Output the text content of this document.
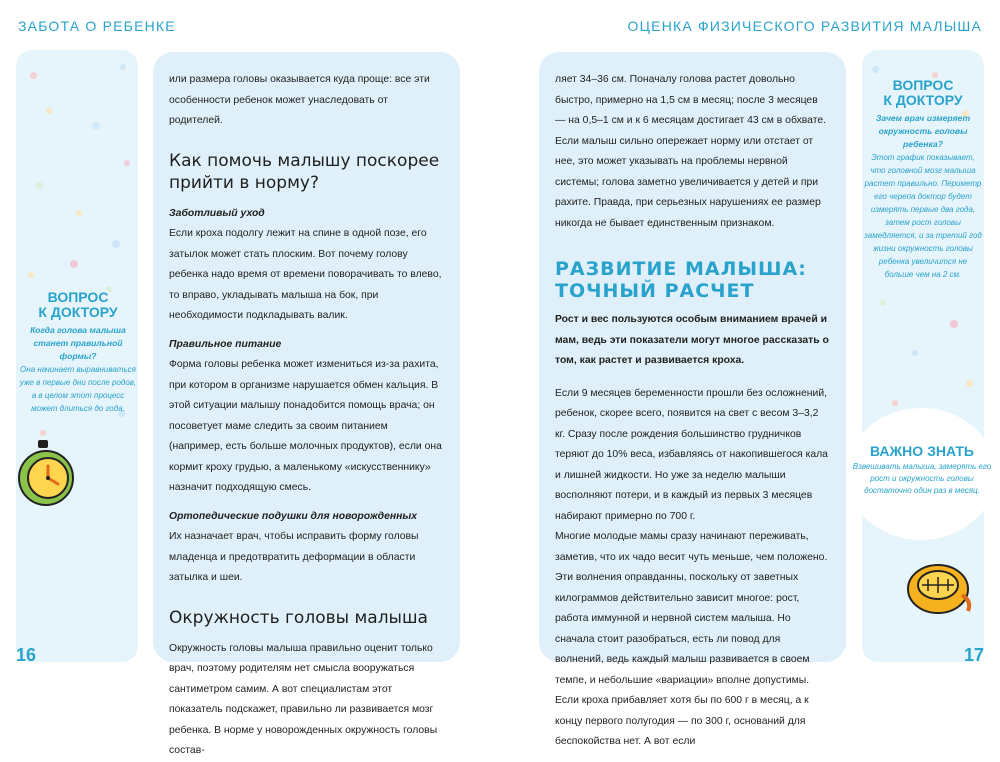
ЗАБОТА О РЕБЕНКЕ	ОЦЕНКА ФИЗИЧЕСКОГО РАЗВИТИЯ МАЛЫША
ВОПРОС
К ДОКТОРУ
Когда голова малыша станет правильной формы?
Она начинает выравниваться уже в первые дни после родов, а в целом этот процесс может длиться до года.

или размера головы оказывается куда проще: все эти особенности ребенок может унаследовать от родителей.

Как помочь малышу поскорее прийти в норму?

Заботливый уход

Если кроха подолгу лежит на спине в одной позе, его затылок может стать плоским. Вот почему голову ребенка надо время от времени поворачивать то влево, то вправо, укладывать малыша на бок, при необходимости подкладывать валик.

Правильное питание

Форма головы ребенка может измениться из-за рахита, при котором в организме нарушается обмен кальция. В этой ситуации малышу понадобится помощь врача; он посоветует маме следить за своим питанием (например, есть больше молочных продуктов), если она кормит кроху грудью, а маленькому «искусственнику» назначит подходящую смесь.

Ортопедические подушки для новорожденных

Их назначает врач, чтобы исправить форму головы младенца и предотвратить деформации в области затылка и шеи.

Окружность головы малыша

Окружность головы малыша правильно оценит только врач, поэтому родителям нет смысла вооружаться сантиметром самим. А вот специалистам этот показатель подскажет, правильно ли развивается мозг ребенка. В норме у новорожденных окружность головы состав-

ляет 34–36 см. Поначалу голова растет довольно быстро, примерно на 1,5 см в месяц; после 3 месяцев — на 0,5–1 см и к 6 месяцам достигает 43 см в обхвате. Если малыш сильно опережает норму или отстает от нее, это может указывать на проблемы нервной системы; голова заметно увеличивается у детей и при рахите. Правда, при серьезных нарушениях ее размер никогда не бывает единственным признаком.

РАЗВИТИЕ МАЛЫША: ТОЧНЫЙ РАСЧЕТ

Рост и вес пользуются особым вниманием врачей и мам, ведь эти показатели могут многое рассказать о том, как растет и развивается кроха.

Если 9 месяцев беременности прошли без осложнений, ребенок, скорее всего, появится на свет с весом 3–3,2 кг. Сразу после рождения большинство грудничков теряют до 10% веса, избавляясь от накопившегося кала и лишней жидкости. Но уже за неделю малыши восполняют потери, и в каждый из первых 3 месяцев набирают примерно по 700 г.

Многие молодые мамы сразу начинают переживать, заметив, что их чадо весит чуть меньше, чем положено. Эти волнения оправданны, поскольку от заветных килограммов действительно зависит многое: рост, работа иммунной и нервной систем малыша. Но сначала стоит разобраться, есть ли повод для волнений, ведь каждый малыш развивается в своем темпе, и небольшие «вариации» вполне допустимы. Если кроха прибавляет хотя бы по 600 г в месяц, а к концу первого полугодия — по 300 г, оснований для беспокойства нет. А вот если

ВОПРОС
К ДОКТОРУ
Зачем врач измеряет окружность головы ребенка?
Этот график показывает, что головной мозг малыша растет правильно. Периметр его черепа доктор будет измерять первые два года, затем рост головы замедляется, и за третий год жизни окружность головы ребенка увеличится не больше чем на 2 см.
ВАЖНО ЗНАТЬ
Взвешивать малыша, замерять его рост и окружность головы достаточно один раз в месяц.
16	17
